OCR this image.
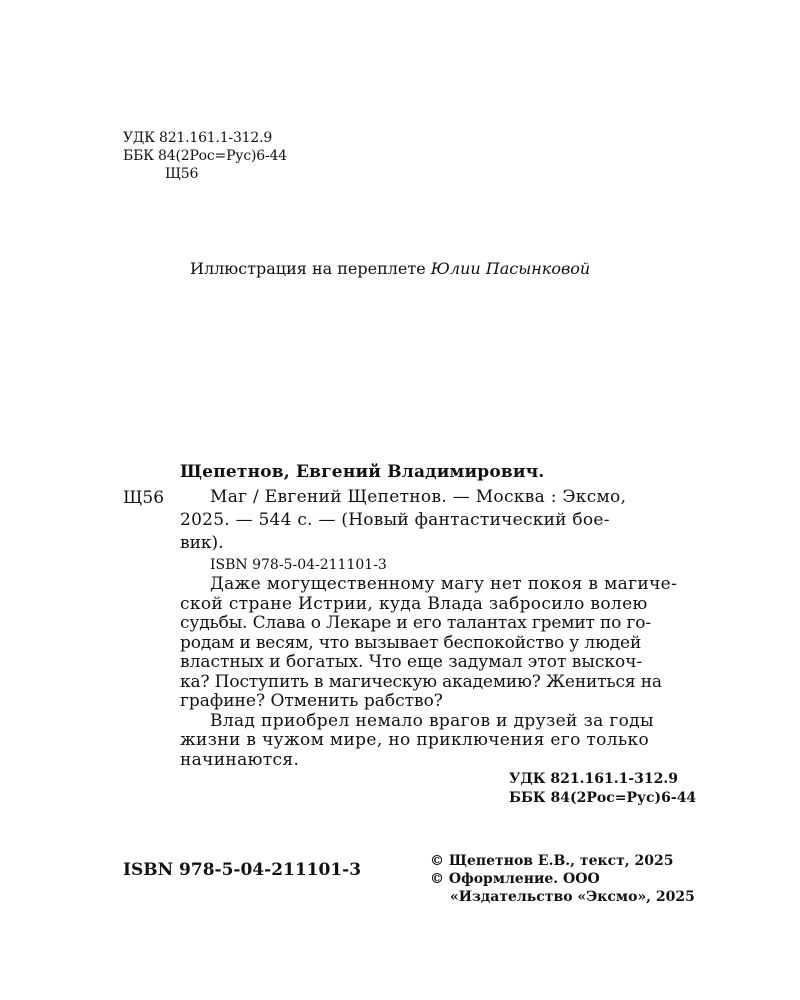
УДК 821.161.1-312.9
ББК 84(2Рос=Рус)6-44
Щ56
Иллюстрация на переплете Юлии Пасынковой
Щепетнов, Евгений Владимирович.
Щ56	Маг / Евгений Щепетнов. — Москва : Эксмо,
2025. — 544 с. — (Новый фантастический бое-
вик).
ISBN 978-5-04-211101-3
Даже могущественному магу нет покоя в магиче-
ской стране Истрии, куда Влада забросило волею
судьбы. Слава о Лекаре и его талантах гремит по го-
родам и весям, что вызывает беспокойство у людей
властных и богатых. Что еще задумал этот выскоч-
ка? Поступить в магическую академию? Жениться на
графине? Отменить рабство?
Влад приобрел немало врагов и друзей за годы
жизни в чужом мире, но приключения его только
начинаются.
УДК 821.161.1-312.9
ББК 84(2Рос=Рус)6-44
ISBN 978-5-04-211101-3	© Щепетнов Е.В., текст, 2025
© Оформление. ООО
«Издательство «Эксмо», 2025
